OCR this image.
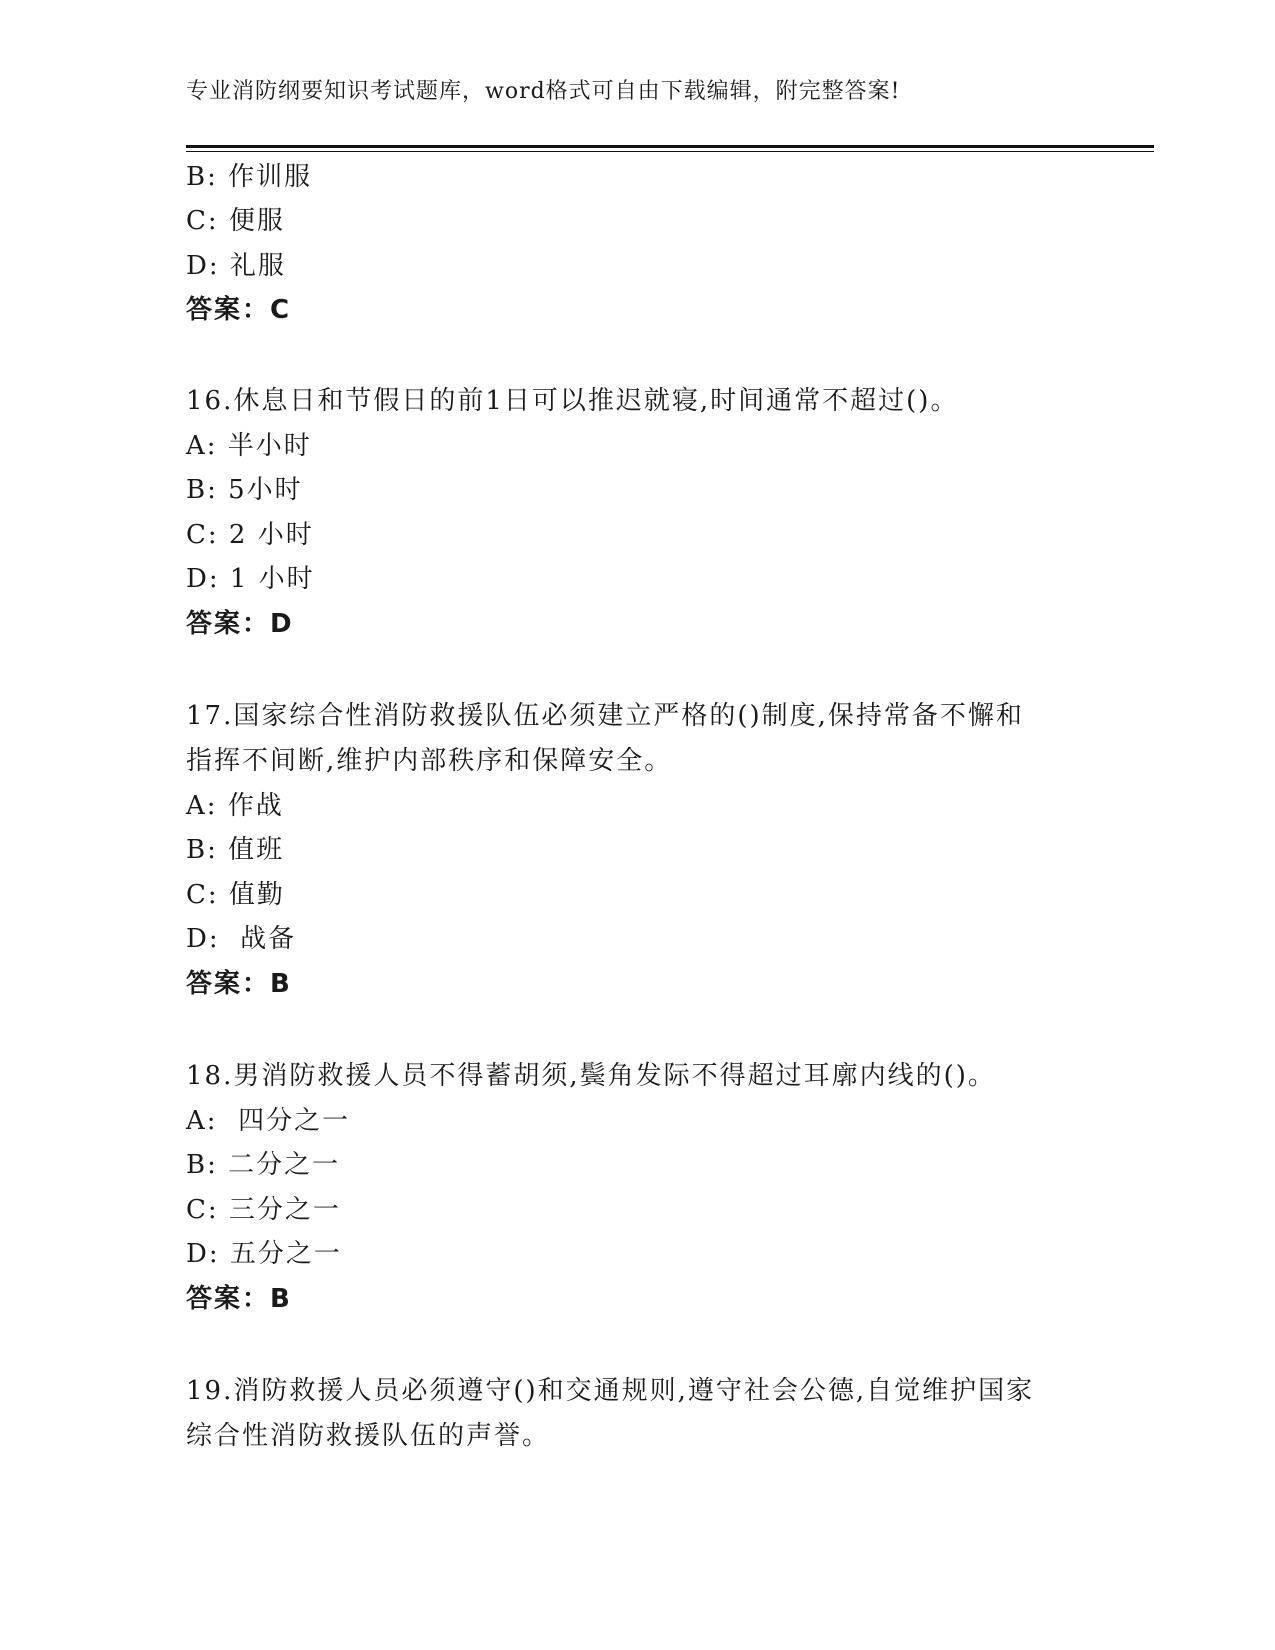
专业消防纲要知识考试题库，word格式可自由下载编辑，附完整答案!
B: 作训服
C: 便服
D: 礼服
答案：C
16.休息日和节假日的前1日可以推迟就寝,时间通常不超过()。
A: 半小时
B: 5小时
C: 2 小时
D: 1 小时
答案：D
17.国家综合性消防救援队伍必须建立严格的()制度,保持常备不懈和
指挥不间断,维护内部秩序和保障安全。
A: 作战
B: 值班
C: 值勤
D:  战备
答案：B
18.男消防救援人员不得蓄胡须,鬓角发际不得超过耳廓内线的()。
A:  四分之一
B: 二分之一
C: 三分之一
D: 五分之一
答案：B
19.消防救援人员必须遵守()和交通规则,遵守社会公德,自觉维护国家
综合性消防救援队伍的声誉。
